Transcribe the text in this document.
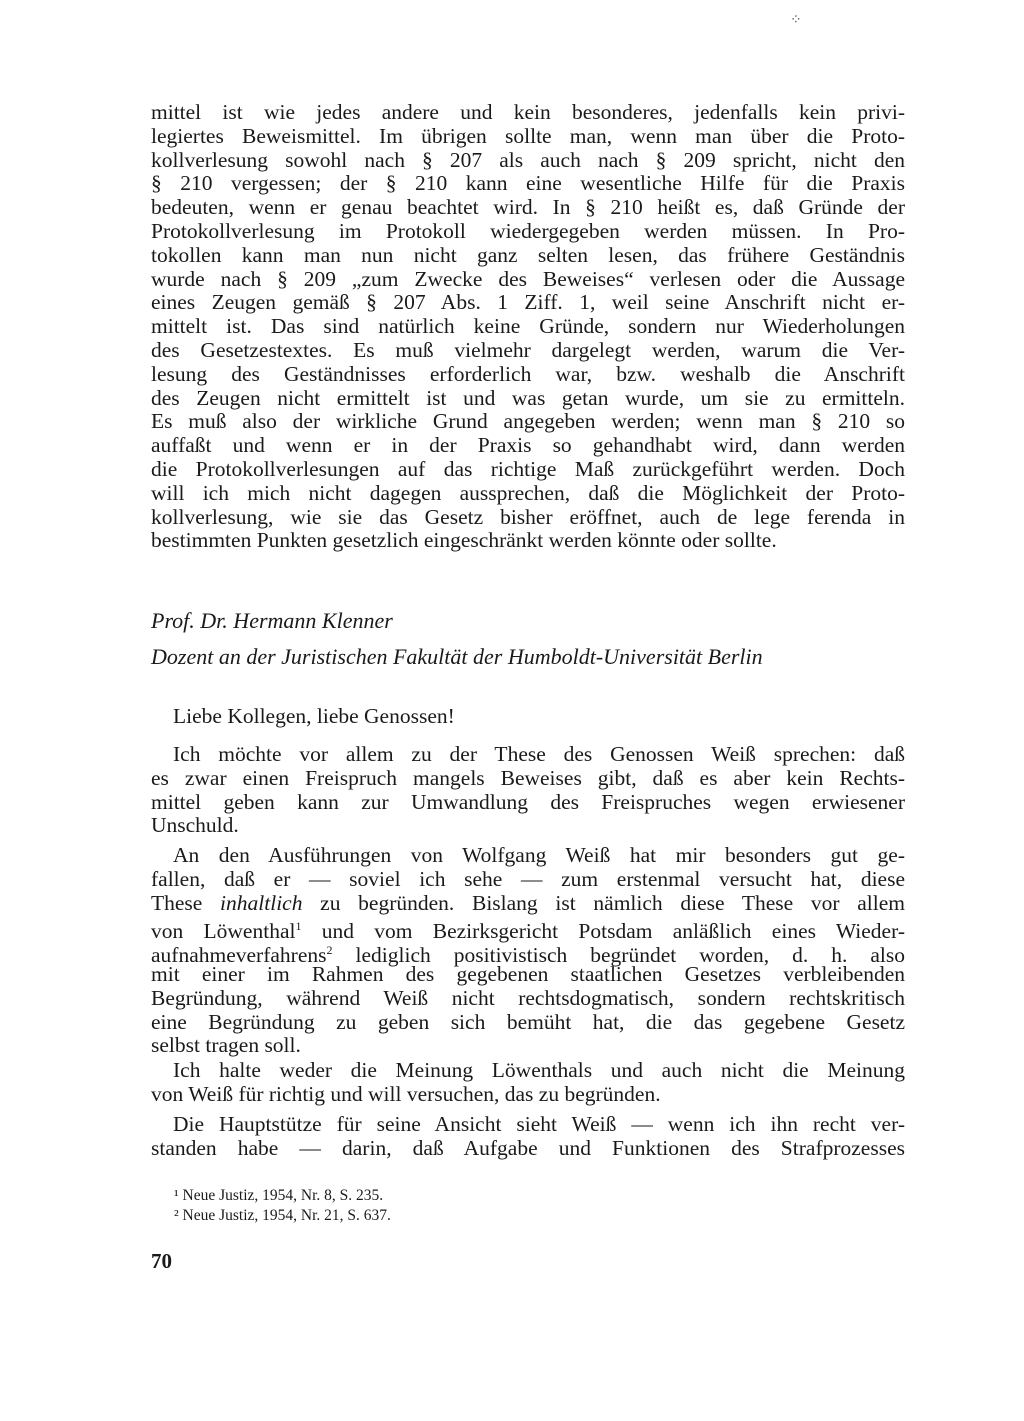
⁘
mittel ist wie jedes andere und kein besonderes, jedenfalls kein privi-
legiertes Beweismittel. Im übrigen sollte man, wenn man über die Proto-
kollverlesung sowohl nach § 207 als auch nach § 209 spricht, nicht den
§ 210 vergessen; der § 210 kann eine wesentliche Hilfe für die Praxis
bedeuten, wenn er genau beachtet wird. In § 210 heißt es, daß Gründe der
Protokollverlesung im Protokoll wiedergegeben werden müssen. In Pro-
tokollen kann man nun nicht ganz selten lesen, das frühere Geständnis
wurde nach § 209 „zum Zwecke des Beweises“ verlesen oder die Aussage
eines Zeugen gemäß § 207 Abs. 1 Ziff. 1, weil seine Anschrift nicht er-
mittelt ist. Das sind natürlich keine Gründe, sondern nur Wiederholungen
des Gesetzestextes. Es muß vielmehr dargelegt werden, warum die Ver-
lesung des Geständnisses erforderlich war, bzw. weshalb die Anschrift
des Zeugen nicht ermittelt ist und was getan wurde, um sie zu ermitteln.
Es muß also der wirkliche Grund angegeben werden; wenn man § 210 so
auffaßt und wenn er in der Praxis so gehandhabt wird, dann werden
die Protokollverlesungen auf das richtige Maß zurückgeführt werden. Doch
will ich mich nicht dagegen aussprechen, daß die Möglichkeit der Proto-
kollverlesung, wie sie das Gesetz bisher eröffnet, auch de lege ferenda in
bestimmten Punkten gesetzlich eingeschränkt werden könnte oder sollte.
Prof. Dr. Hermann Klenner
Dozent an der Juristischen Fakultät der Humboldt-Universität Berlin
Liebe Kollegen, liebe Genossen!
Ich möchte vor allem zu der These des Genossen Weiß sprechen: daß
es zwar einen Freispruch mangels Beweises gibt, daß es aber kein Rechts-
mittel geben kann zur Umwandlung des Freispruches wegen erwiesener
Unschuld.
An den Ausführungen von Wolfgang Weiß hat mir besonders gut ge-
fallen, daß er — soviel ich sehe — zum erstenmal versucht hat, diese
These inhaltlich zu begründen. Bislang ist nämlich diese These vor allem
von Löwenthal$^1$ und vom Bezirksgericht Potsdam anläßlich eines Wieder-
aufnahmeverfahrens$^2$ lediglich positivistisch begründet worden, d. h. also
mit einer im Rahmen des gegebenen staatlichen Gesetzes verbleibenden
Begründung, während Weiß nicht rechtsdogmatisch, sondern rechtskritisch
eine Begründung zu geben sich bemüht hat, die das gegebene Gesetz
selbst tragen soll.
Ich halte weder die Meinung Löwenthals und auch nicht die Meinung
von Weiß für richtig und will versuchen, das zu begründen.
Die Hauptstütze für seine Ansicht sieht Weiß — wenn ich ihn recht ver-
standen habe — darin, daß Aufgabe und Funktionen des Strafprozesses
¹ Neue Justiz, 1954, Nr. 8, S. 235.
² Neue Justiz, 1954, Nr. 21, S. 637.
70
